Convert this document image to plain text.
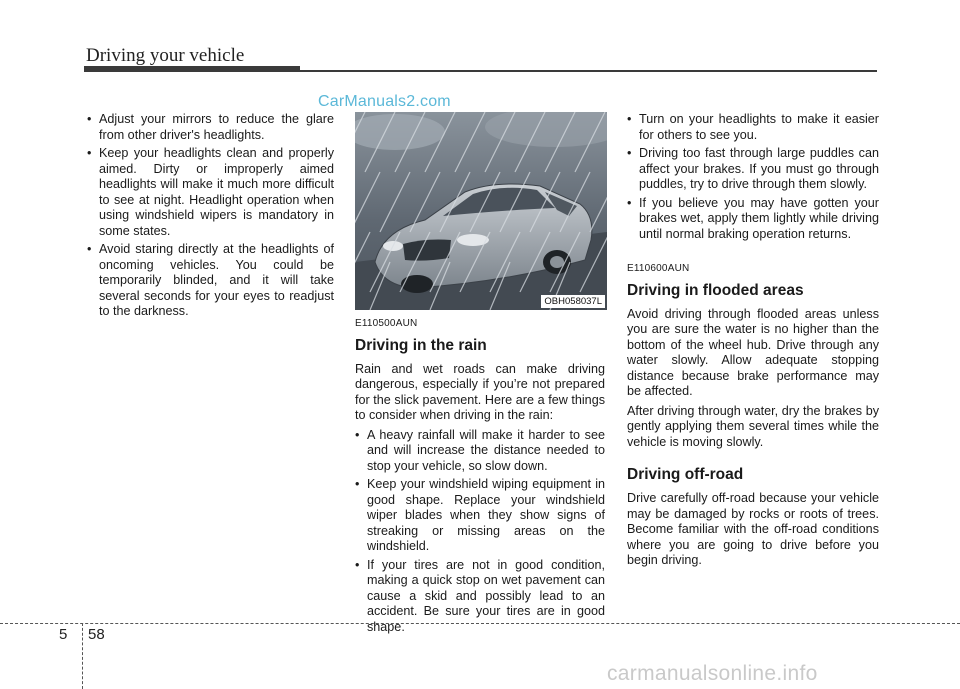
Driving your vehicle
CarManuals2.com
• Adjust your mirrors to reduce the glare from other driver's headlights.
• Keep your headlights clean and properly aimed. Dirty or improperly aimed headlights will make it much more difficult to see at night. Headlight operation when using windshield wipers is mandatory in some states.
• Avoid staring directly at the headlights of oncoming vehicles. You could be temporarily blinded, and it will take several seconds for your eyes to readjust to the darkness.
OBH058037L
E110500AUN
Driving in the rain

Rain and wet roads can make driving dangerous, especially if you’re not prepared for the slick pavement. Here are a few things to consider when driving in the rain:

• A heavy rainfall will make it harder to see and will increase the distance needed to stop your vehicle, so slow down.
• Keep your windshield wiping equipment in good shape. Replace your windshield wiper blades when they show signs of streaking or missing areas on the windshield.
• If your tires are not in good condition, making a quick stop on wet pavement can cause a skid and possibly lead to an accident. Be sure your tires are in good shape.
• Turn on your headlights to make it easier for others to see you.
• Driving too fast through large puddles can affect your brakes. If you must go through puddles, try to drive through them slowly.
• If you believe you may have gotten your brakes wet, apply them lightly while driving until normal braking operation returns.
E110600AUN
Driving in flooded areas

Avoid driving through flooded areas unless you are sure the water is no higher than the bottom of the wheel hub. Drive through any water slowly. Allow adequate stopping distance because brake performance may be affected.

After driving through water, dry the brakes by gently applying them several times while the vehicle is moving slowly.

Driving off-road

Drive carefully off-road because your vehicle may be damaged by rocks or roots of trees. Become familiar with the off-road conditions where you are going to drive before you begin driving.

5 58
carmanualsonline.info
